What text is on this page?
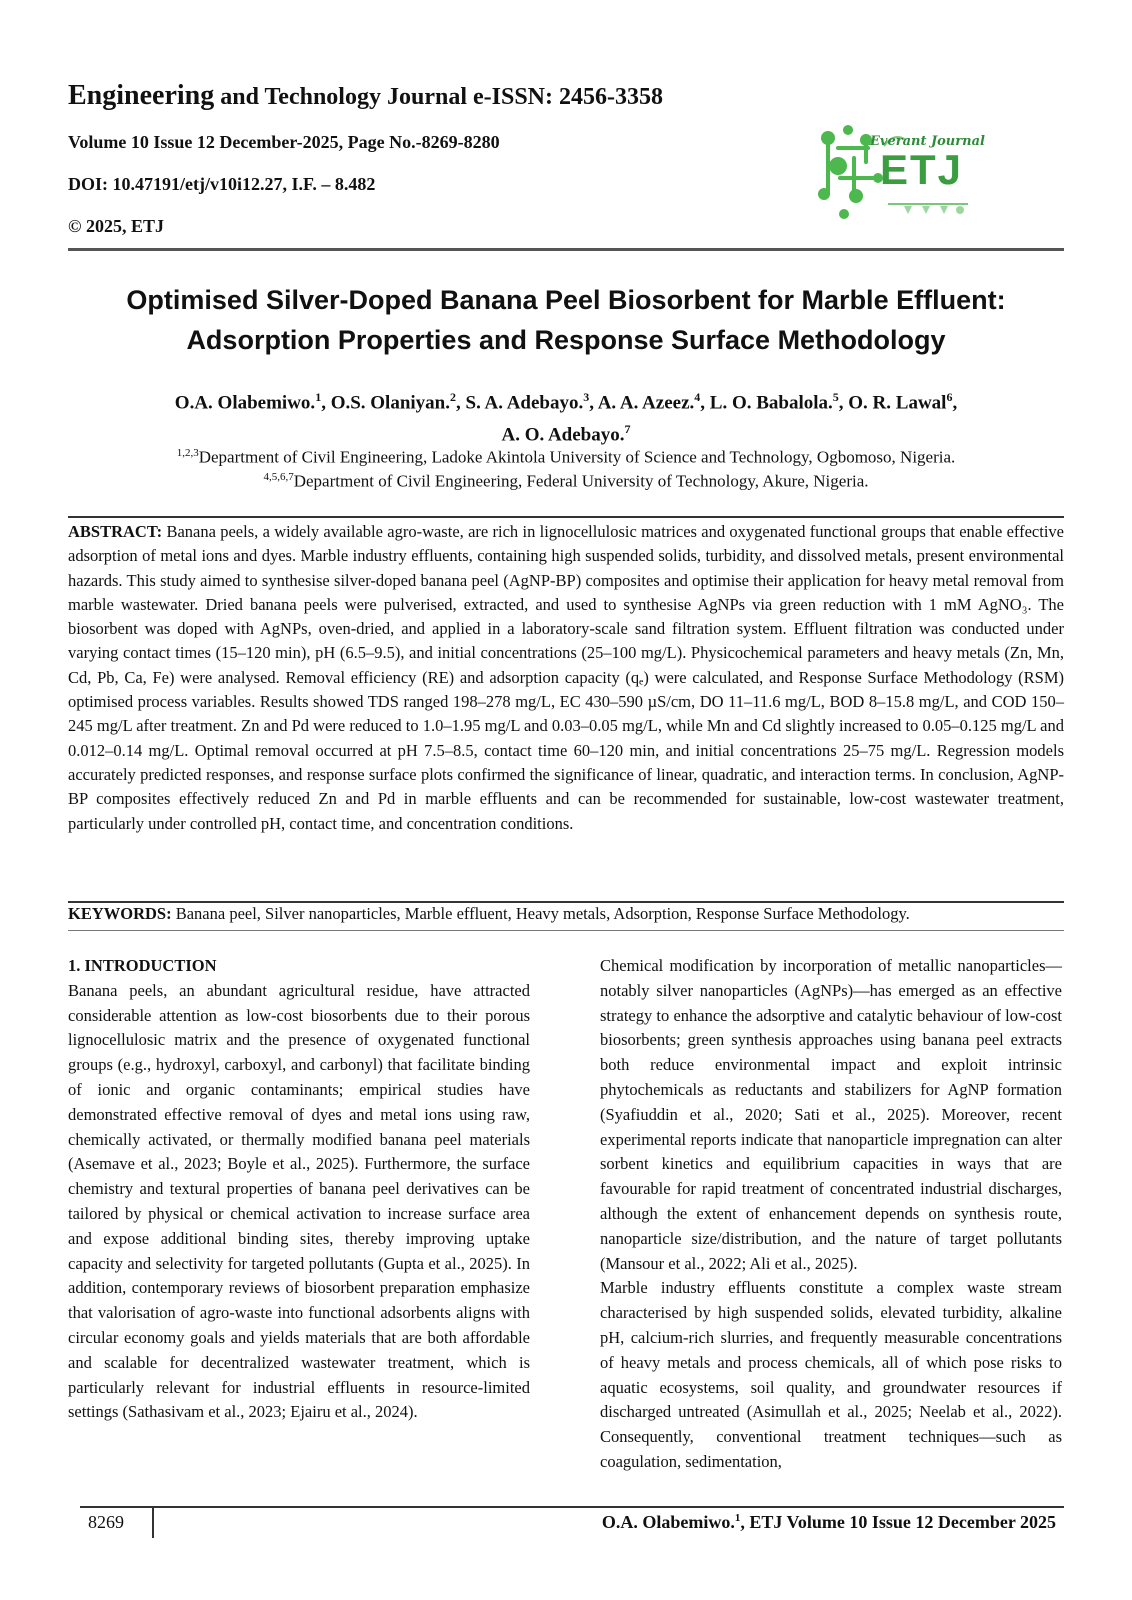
Engineering and Technology Journal e-ISSN: 2456-3358

Volume 10 Issue 12 December-2025, Page No.-8269-8280

DOI: 10.47191/etj/v10i12.27, I.F. – 8.482

© 2025, ETJ

Everant Journal
ETJ
Optimised Silver-Doped Banana Peel Biosorbent for Marble Effluent:
Adsorption Properties and Response Surface Methodology
O.A. Olabemiwo.$^1$, O.S. Olaniyan.$^2$, S. A. Adebayo.$^3$, A. A. Azeez.$^4$, L. O. Babalola.$^5$, O. R. Lawal$^6$,
A. O. Adebayo.$^7$
$^{1,2,3}$Department of Civil Engineering, Ladoke Akintola University of Science and Technology, Ogbomoso, Nigeria.
$^{4,5,6,7}$Department of Civil Engineering, Federal University of Technology, Akure, Nigeria.

ABSTRACT: Banana peels, a widely available agro-waste, are rich in lignocellulosic matrices and oxygenated functional groups that enable effective adsorption of metal ions and dyes. Marble industry effluents, containing high suspended solids, turbidity, and dissolved metals, present environmental hazards. This study aimed to synthesise silver-doped banana peel (AgNP-BP) composites and optimise their application for heavy metal removal from marble wastewater. Dried banana peels were pulverised, extracted, and used to synthesise AgNPs via green reduction with 1 mM AgNO₃. The biosorbent was doped with AgNPs, oven-dried, and applied in a laboratory-scale sand filtration system. Effluent filtration was conducted under varying contact times (15–120 min), pH (6.5–9.5), and initial concentrations (25–100 mg/L). Physicochemical parameters and heavy metals (Zn, Mn, Cd, Pb, Ca, Fe) were analysed. Removal efficiency (RE) and adsorption capacity (qₑ) were calculated, and Response Surface Methodology (RSM) optimised process variables. Results showed TDS ranged 198–278 mg/L, EC 430–590 µS/cm, DO 11–11.6 mg/L, BOD 8–15.8 mg/L, and COD 150–245 mg/L after treatment. Zn and Pd were reduced to 1.0–1.95 mg/L and 0.03–0.05 mg/L, while Mn and Cd slightly increased to 0.05–0.125 mg/L and 0.012–0.14 mg/L. Optimal removal occurred at pH 7.5–8.5, contact time 60–120 min, and initial concentrations 25–75 mg/L. Regression models accurately predicted responses, and response surface plots confirmed the significance of linear, quadratic, and interaction terms. In conclusion, AgNP-BP composites effectively reduced Zn and Pd in marble effluents and can be recommended for sustainable, low-cost wastewater treatment, particularly under controlled pH, contact time, and concentration conditions.

KEYWORDS: Banana peel, Silver nanoparticles, Marble effluent, Heavy metals, Adsorption, Response Surface Methodology.

1. INTRODUCTION

Banana peels, an abundant agricultural residue, have attracted considerable attention as low-cost biosorbents due to their porous lignocellulosic matrix and the presence of oxygenated functional groups (e.g., hydroxyl, carboxyl, and carbonyl) that facilitate binding of ionic and organic contaminants; empirical studies have demonstrated effective removal of dyes and metal ions using raw, chemically activated, or thermally modified banana peel materials (Asemave et al., 2023; Boyle et al., 2025). Furthermore, the surface chemistry and textural properties of banana peel derivatives can be tailored by physical or chemical activation to increase surface area and expose additional binding sites, thereby improving uptake capacity and selectivity for targeted pollutants (Gupta et al., 2025). In addition, contemporary reviews of biosorbent preparation emphasize that valorisation of agro-waste into functional adsorbents aligns with circular economy goals and yields materials that are both affordable and scalable for decentralized wastewater treatment, which is particularly relevant for industrial effluents in resource-limited settings (Sathasivam et al., 2023; Ejairu et al., 2024).

Chemical modification by incorporation of metallic nanoparticles—notably silver nanoparticles (AgNPs)—has emerged as an effective strategy to enhance the adsorptive and catalytic behaviour of low-cost biosorbents; green synthesis approaches using banana peel extracts both reduce environmental impact and exploit intrinsic phytochemicals as reductants and stabilizers for AgNP formation (Syafiuddin et al., 2020; Sati et al., 2025). Moreover, recent experimental reports indicate that nanoparticle impregnation can alter sorbent kinetics and equilibrium capacities in ways that are favourable for rapid treatment of concentrated industrial discharges, although the extent of enhancement depends on synthesis route, nanoparticle size/distribution, and the nature of target pollutants (Mansour et al., 2022; Ali et al., 2025).

Marble industry effluents constitute a complex waste stream characterised by high suspended solids, elevated turbidity, alkaline pH, calcium-rich slurries, and frequently measurable concentrations of heavy metals and process chemicals, all of which pose risks to aquatic ecosystems, soil quality, and groundwater resources if discharged untreated (Asimullah et al., 2025; Neelab et al., 2022). Consequently, conventional treatment techniques—such as coagulation, sedimentation,

8269	O.A. Olabemiwo.$^1$, ETJ Volume 10 Issue 12 December 2025
